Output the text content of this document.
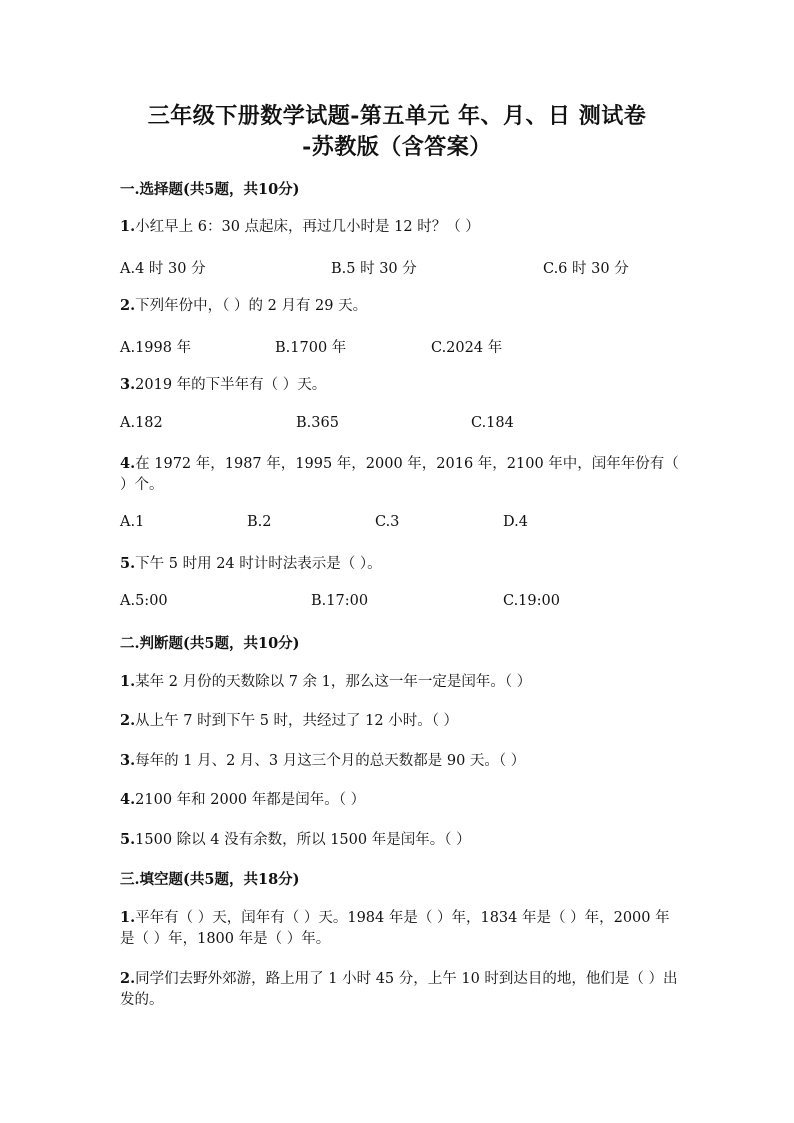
三年级下册数学试题-第五单元 年、月、日 测试卷
-苏教版（含答案）
一.选择题(共5题，共10分)
1.小红早上 6：30 点起床，再过几小时是 12 时？（ ）
A.4 时 30 分	B.5 时 30 分	C.6 时 30 分
2.下列年份中，（ ）的 2 月有 29 天。
A.1998 年	B.1700 年	C.2024 年
3.2019 年的下半年有（ ）天。
A.182	B.365	C.184
4.在 1972 年，1987 年，1995 年，2000 年，2016 年，2100 年中，闰年年份有（ ）个。
A.1	B.2	C.3	D.4
5.下午 5 时用 24 时计时法表示是（ ）。
A.5:00	B.17:00	C.19:00
二.判断题(共5题，共10分)
1.某年 2 月份的天数除以 7 余 1，那么这一年一定是闰年。（ ）
2.从上午 7 时到下午 5 时，共经过了 12 小时。（ ）
3.每年的 1 月、2 月、3 月这三个月的总天数都是 90 天。（ ）
4.2100 年和 2000 年都是闰年。（ ）
5.1500 除以 4 没有余数，所以 1500 年是闰年。（ ）
三.填空题(共5题，共18分)
1.平年有（ ）天，闰年有（ ）天。1984 年是（ ）年，1834 年是（ ）年，2000 年是（ ）年，1800 年是（ ）年。
2.同学们去野外郊游，路上用了 1 小时 45 分，上午 10 时到达目的地，他们是（ ）出发的。
